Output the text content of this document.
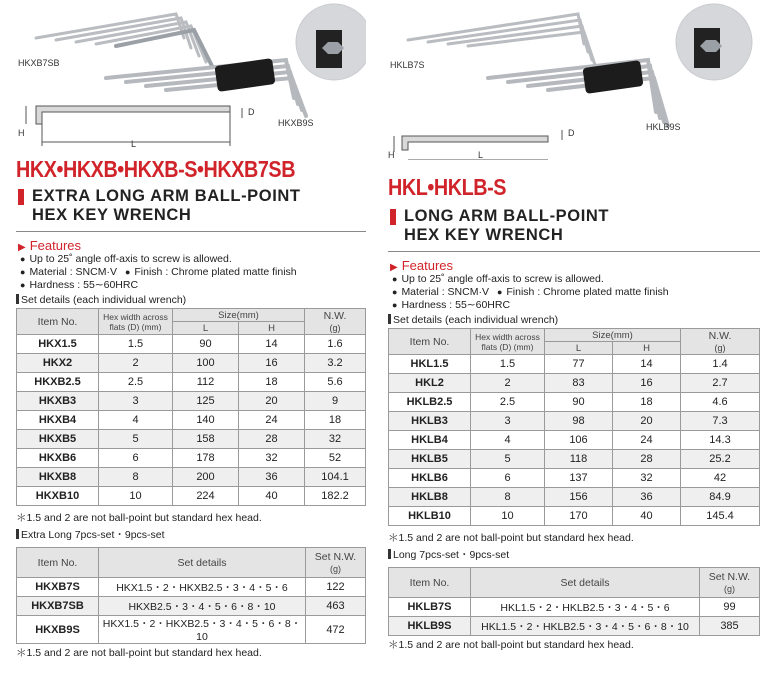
HKXB7SB
HKXB9S
D
H
L
HKX•HKXB•HKXB-S•HKXB7SB
EXTRA LONG ARM BALL-POINT
HEX KEY WRENCH
▶ Features
● Up to 25˚ angle off-axis to screw is allowed.
● Material : SNCM·V ● Finish : Chrome plated matte finish
● Hardness : 55∼60HRC
Set details (each individual wrench)
Item No.	Hex width across flats (D) (mm)	Size(mm)		N.W.
(g)
		L	H	
HKX1.5	1.5	90	14	1.6
HKX2	2	100	16	3.2
HKXB2.5	2.5	112	18	5.6
HKXB3	3	125	20	9
HKXB4	4	140	24	18
HKXB5	5	158	28	32
HKXB6	6	178	32	52
HKXB8	8	200	36	104.1
HKXB10	10	224	40	182.2
＊1.5 and 2 are not ball-point but standard hex head.
Extra Long 7pcs-set・9pcs-set
Item No.	Set details	Set N.W.
(g)
HKXB7S	HKX1.5・2・HKXB2.5・3・4・5・6	122
HKXB7SB	HKXB2.5・3・4・5・6・8・10	463
HKXB9S	HKX1.5・2・HKXB2.5・3・4・5・6・8・10	472
＊1.5 and 2 are not ball-point but standard hex head.
HKLB7S
HKLB9S
D
H	L
HKL•HKLB-S
LONG ARM BALL-POINT
HEX KEY WRENCH
▶ Features
● Up to 25˚ angle off-axis to screw is allowed.
● Material : SNCM·V ● Finish : Chrome plated matte finish
● Hardness : 55∼60HRC
Set details (each individual wrench)
Item No.	Hex width across flats (D) (mm)	Size(mm)		N.W.
(g)
		L	H	
HKL1.5	1.5	77	14	1.4
HKL2	2	83	16	2.7
HKLB2.5	2.5	90	18	4.6
HKLB3	3	98	20	7.3
HKLB4	4	106	24	14.3
HKLB5	5	118	28	25.2
HKLB6	6	137	32	42
HKLB8	8	156	36	84.9
HKLB10	10	170	40	145.4
＊1.5 and 2 are not ball-point but standard hex head.
Long 7pcs-set・9pcs-set
Item No.	Set details	Set N.W.
(g)
HKLB7S	HKL1.5・2・HKLB2.5・3・4・5・6	99
HKLB9S	HKL1.5・2・HKLB2.5・3・4・5・6・8・10	385
＊1.5 and 2 are not ball-point but standard hex head.
